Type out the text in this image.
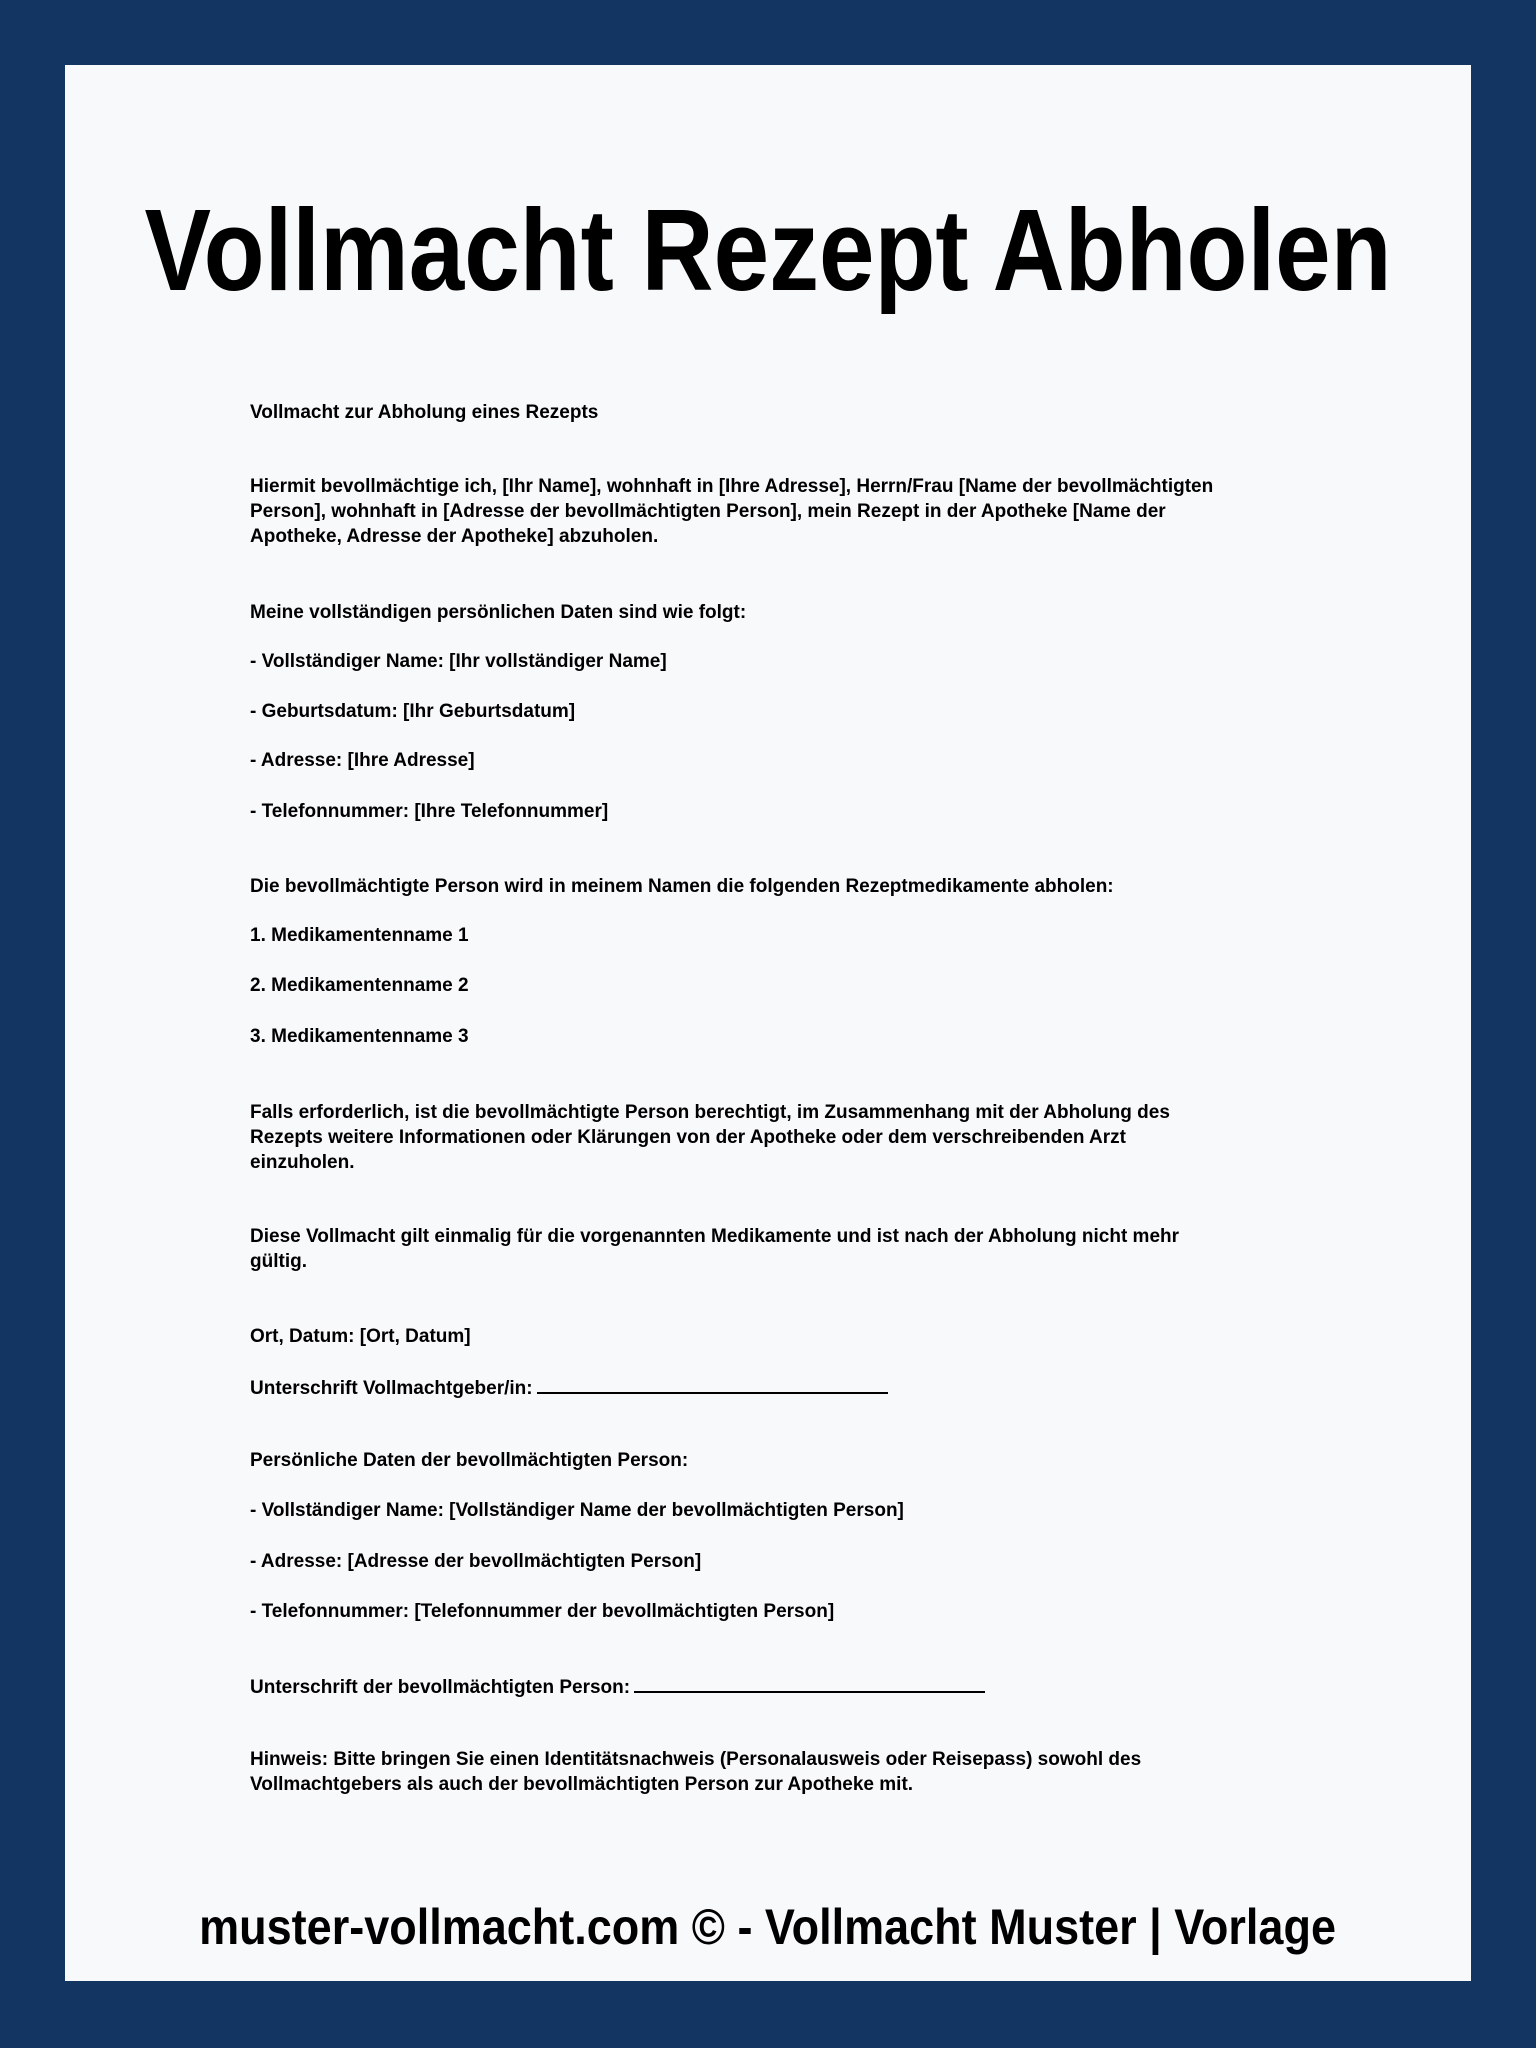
Vollmacht Rezept Abholen
Vollmacht zur Abholung eines Rezepts
Hiermit bevollmächtige ich, [Ihr Name], wohnhaft in [Ihre Adresse], Herrn/Frau [Name der bevollmächtigten
Person], wohnhaft in [Adresse der bevollmächtigten Person], mein Rezept in der Apotheke [Name der
Apotheke, Adresse der Apotheke] abzuholen.
Meine vollständigen persönlichen Daten sind wie folgt:
- Vollständiger Name: [Ihr vollständiger Name]
- Geburtsdatum: [Ihr Geburtsdatum]
- Adresse: [Ihre Adresse]
- Telefonnummer: [Ihre Telefonnummer]
Die bevollmächtigte Person wird in meinem Namen die folgenden Rezeptmedikamente abholen:
1. Medikamentenname 1
2. Medikamentenname 2
3. Medikamentenname 3
Falls erforderlich, ist die bevollmächtigte Person berechtigt, im Zusammenhang mit der Abholung des
Rezepts weitere Informationen oder Klärungen von der Apotheke oder dem verschreibenden Arzt
einzuholen.
Diese Vollmacht gilt einmalig für die vorgenannten Medikamente und ist nach der Abholung nicht mehr
gültig.
Ort, Datum: [Ort, Datum]
Unterschrift Vollmachtgeber/in:
Persönliche Daten der bevollmächtigten Person:
- Vollständiger Name: [Vollständiger Name der bevollmächtigten Person]
- Adresse: [Adresse der bevollmächtigten Person]
- Telefonnummer: [Telefonnummer der bevollmächtigten Person]
Unterschrift der bevollmächtigten Person:
Hinweis: Bitte bringen Sie einen Identitätsnachweis (Personalausweis oder Reisepass) sowohl des
Vollmachtgebers als auch der bevollmächtigten Person zur Apotheke mit.
muster-vollmacht.com © - Vollmacht Muster | Vorlage
